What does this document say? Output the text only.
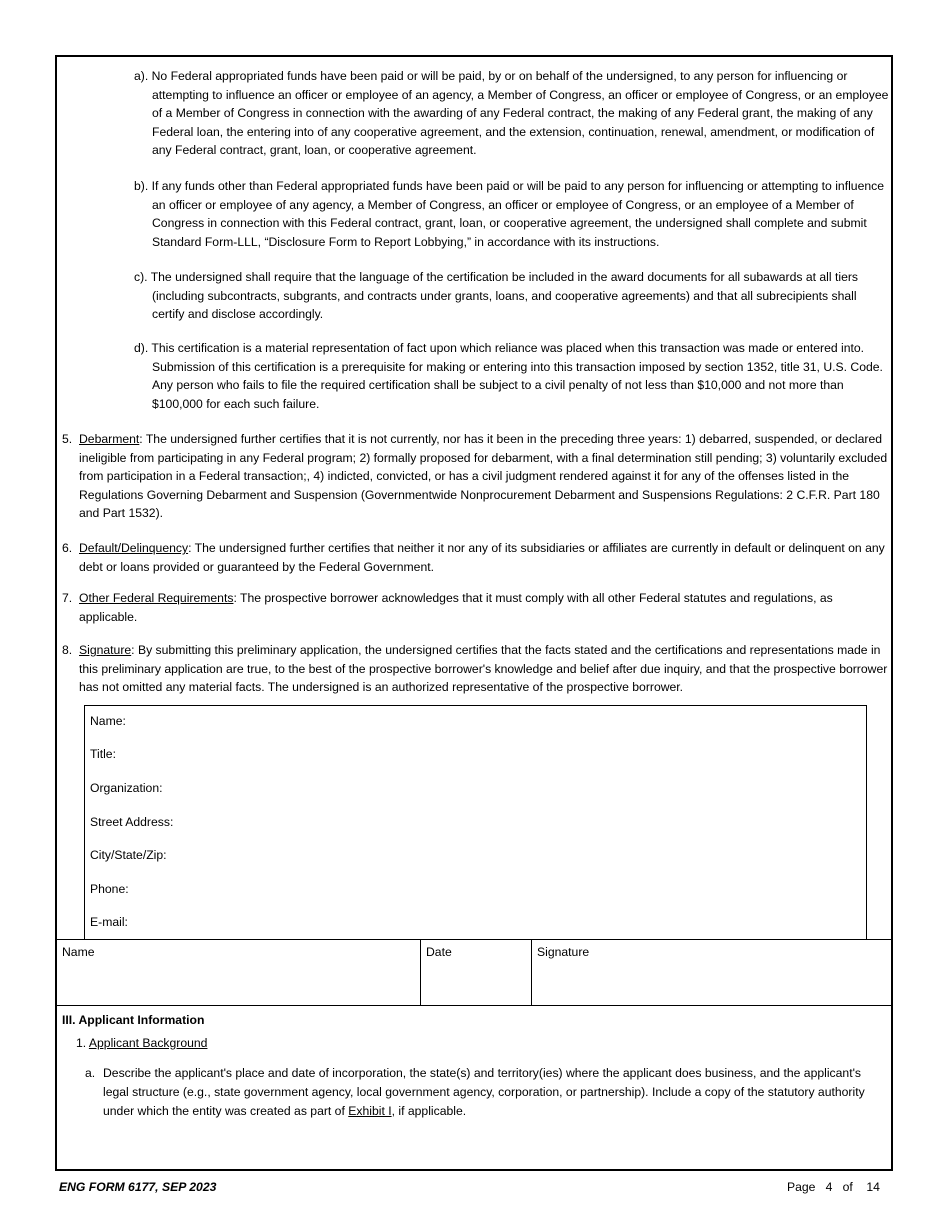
a). No Federal appropriated funds have been paid or will be paid, by or on behalf of the undersigned, to any person for influencing or attempting to influence an officer or employee of an agency, a Member of Congress, an officer or employee of Congress, or an employee of a Member of Congress in connection with the awarding of any Federal contract, the making of any Federal grant, the making of any Federal loan, the entering into of any cooperative agreement, and the extension, continuation, renewal, amendment, or modification of any Federal contract, grant, loan, or cooperative agreement.
b). If any funds other than Federal appropriated funds have been paid or will be paid to any person for influencing or attempting to influence an officer or employee of any agency, a Member of Congress, an officer or employee of Congress, or an employee of a Member of Congress in connection with this Federal contract, grant, loan, or cooperative agreement, the undersigned shall complete and submit Standard Form-LLL, “Disclosure Form to Report Lobbying,” in accordance with its instructions.
c). The undersigned shall require that the language of the certification be included in the award documents for all subawards at all tiers (including subcontracts, subgrants, and contracts under grants, loans, and cooperative agreements) and that all subrecipients shall certify and disclose accordingly.
d). This certification is a material representation of fact upon which reliance was placed when this transaction was made or entered into. Submission of this certification is a prerequisite for making or entering into this transaction imposed by section 1352, title 31, U.S. Code. Any person who fails to file the required certification shall be subject to a civil penalty of not less than $10,000 and not more than $100,000 for each such failure.
5. Debarment: The undersigned further certifies that it is not currently, nor has it been in the preceding three years: 1) debarred, suspended, or declared ineligible from participating in any Federal program; 2) formally proposed for debarment, with a final determination still pending; 3) voluntarily excluded from participation in a Federal transaction;, 4) indicted, convicted, or has a civil judgment rendered against it for any of the offenses listed in the Regulations Governing Debarment and Suspension (Governmentwide Nonprocurement Debarment and Suspensions Regulations: 2 C.F.R. Part 180 and Part 1532).
6. Default/Delinquency: The undersigned further certifies that neither it nor any of its subsidiaries or affiliates are currently in default or delinquent on any debt or loans provided or guaranteed by the Federal Government.
7. Other Federal Requirements: The prospective borrower acknowledges that it must comply with all other Federal statutes and regulations, as applicable.
8. Signature: By submitting this preliminary application, the undersigned certifies that the facts stated and the certifications and representations made in this preliminary application are true, to the best of the prospective borrower's knowledge and belief after due inquiry, and that the prospective borrower has not omitted any material facts. The undersigned is an authorized representative of the prospective borrower.
Name:
Title:
Organization:
Street Address:
City/State/Zip:
Phone:
E-mail:
Name	Date	Signature
III. Applicant Information
1. Applicant Background
a. Describe the applicant's place and date of incorporation, the state(s) and territory(ies) where the applicant does business, and the applicant's legal structure (e.g., state government agency, local government agency, corporation, or partnership). Include a copy of the statutory authority under which the entity was created as part of Exhibit I, if applicable.
ENG FORM 6177, SEP 2023	Page 4 of 14
